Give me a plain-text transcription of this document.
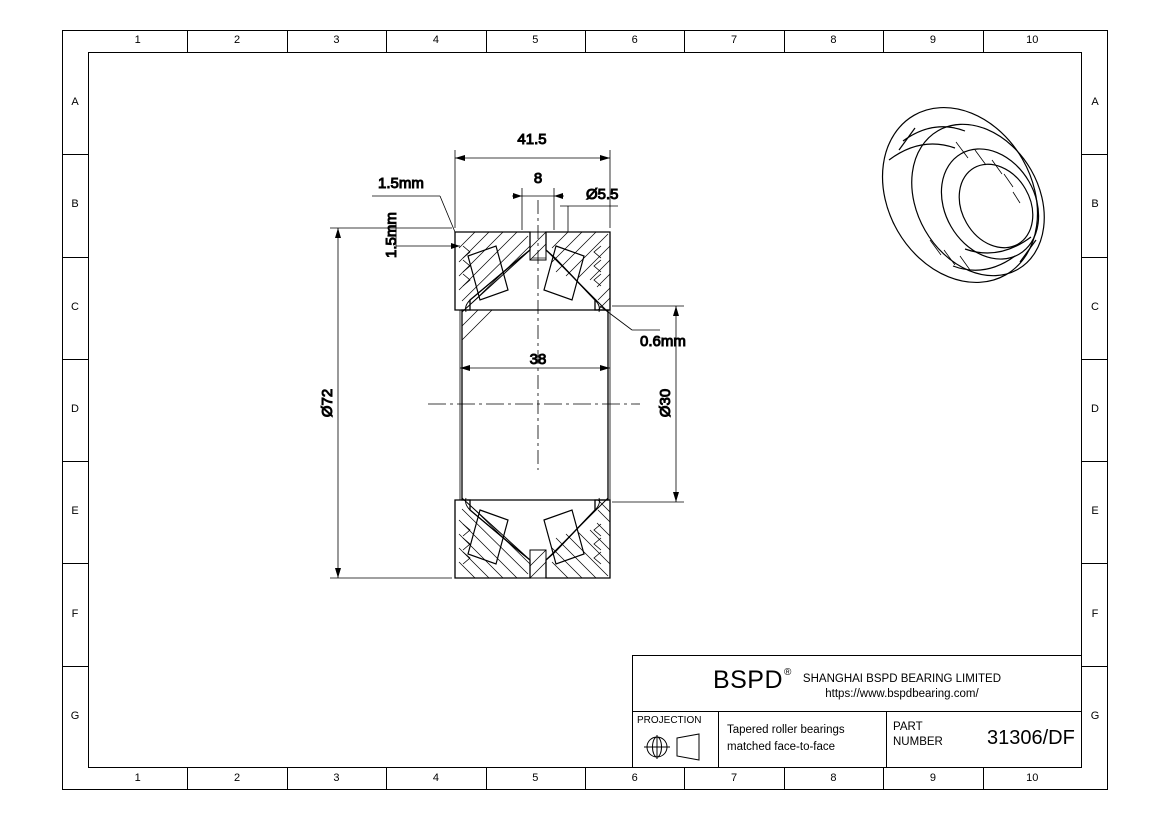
1
1
2
2
3
3
4
4
5
5
6
6
7
7
8
8
9
9
10
10
A	A
B	B
C	C
D	D
E	E
F	F
G	G
41.5
8
Ø5.5
1.5mm
1.5mm
0.6mm
Ø72	Ø30
38
BSPD®
SHANGHAI BSPD BEARING LIMITED
https://www.bspdbearing.com/
PROJECTION
Tapered roller bearings
matched face-to-face
PART
NUMBER 31306/DF
